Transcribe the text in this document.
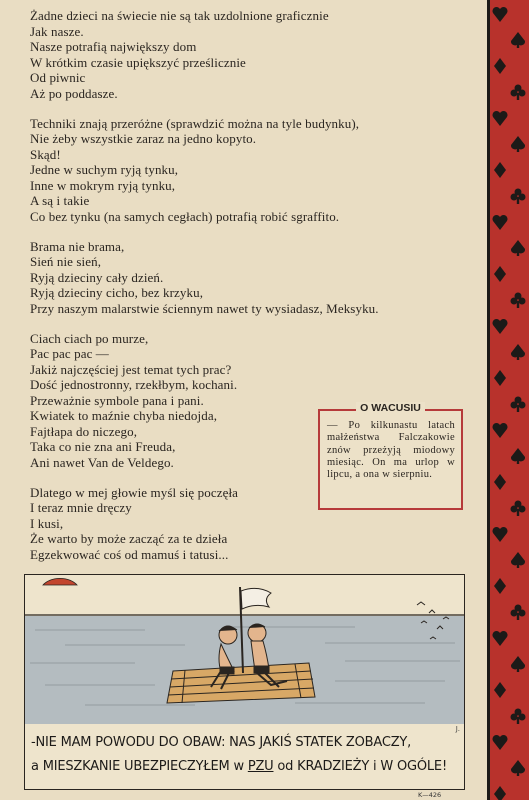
Żadne dzieci na świecie nie są tak uzdolnione graficznie
Jak nasze.
Nasze potrafią największy dom
W krótkim czasie upiększyć prześlicznie
Od piwnic
Aż po poddasze.
Techniki znają przeróżne (sprawdzić można na tyle budynku),
Nie żeby wszystkie zaraz na jedno kopyto.
Skąd!
Jedne w suchym ryją tynku,
Inne w mokrym ryją tynku,
A są i takie
Co bez tynku (na samych cegłach) potrafią robić sgraffito.
Brama nie brama,
Sień nie sień,
Ryją dzieciny cały dzień.
Ryją dzieciny cicho, bez krzyku,
Przy naszym malarstwie ściennym nawet ty wysiadasz, Meksyku.
Ciach ciach po murze,
Pac pac pac —
Jakiż najczęściej jest temat tych prac?
Dość jednostronny, rzekłbym, kochani.
Przeważnie symbole pana i pani.
Kwiatek to maźnie chyba niedojda,
Fajtłapa do niczego,
Taka co nie zna ani Freuda,
Ani nawet Van de Veldego.
Dlatego w mej głowie myśl się poczęła
I teraz mnie dręczy
I kusi,
Że warto by może zacząć za te dzieła
Egzekwować coś od mamuś i tatusi...
O WACUSIU
— Po kilkunastu latach małżeństwa Falczakowie znów przeżyją miodowy miesiąc. On ma urlop w lipcu, a ona w sierpniu.
J.
-NIE MAM POWODU DO OBAW: NAS JAKIŚ STATEK ZOBACZY,
a MIESZKANIE UBEZPIECZYŁEM w PZU od KRADZIEŻY i W OGÓLE!
K—426
